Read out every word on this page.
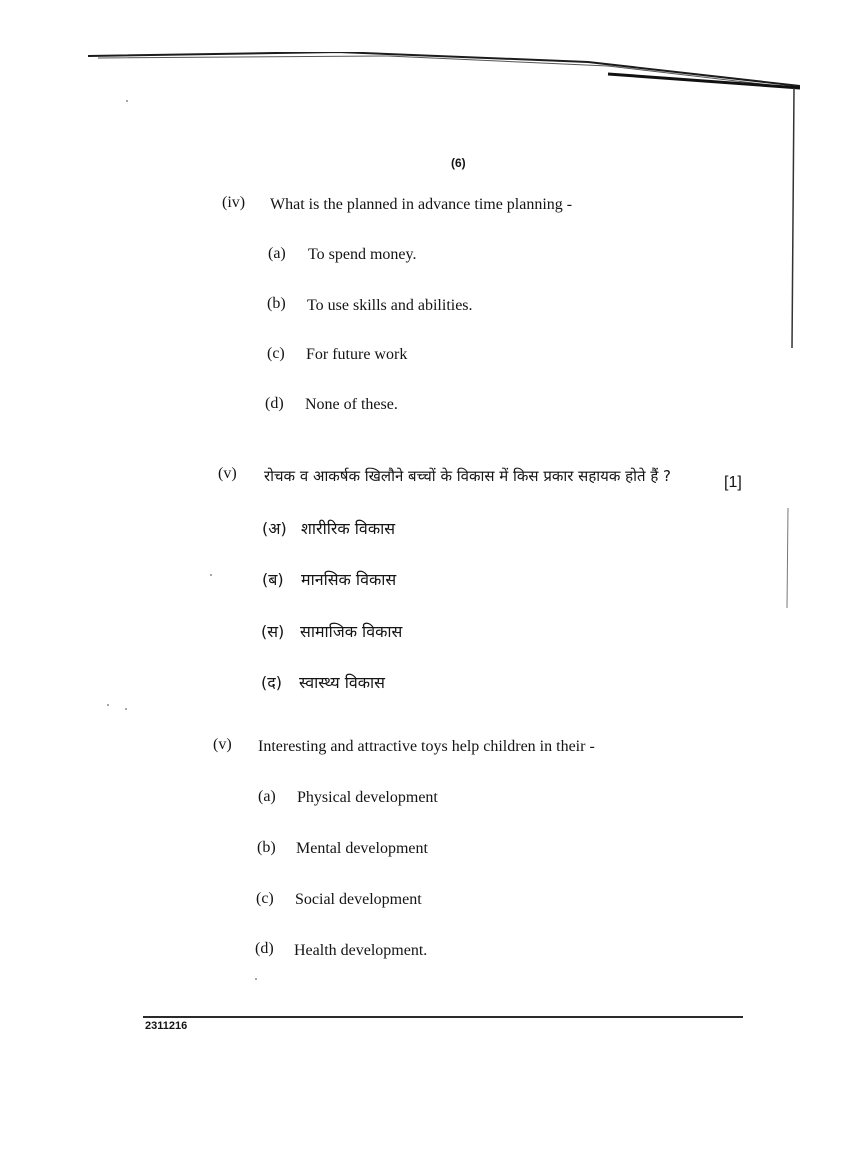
(6)
(iv) What is the planned in advance time planning -
(a) To spend money.
(b) To use skills and abilities.
(c) For future work
(d) None of these.
(v) रोचक व आकर्षक खिलौने बच्चों के विकास में किस प्रकार सहायक होते हैं ?	[1]
(अ) शारीरिक विकास
(ब) मानसिक विकास
(स) सामाजिक विकास
(द) स्वास्थ्य विकास
(v) Interesting and attractive toys help children in their -
(a) Physical development
(b) Mental development
(c) Social development
(d) Health development.
2311216
